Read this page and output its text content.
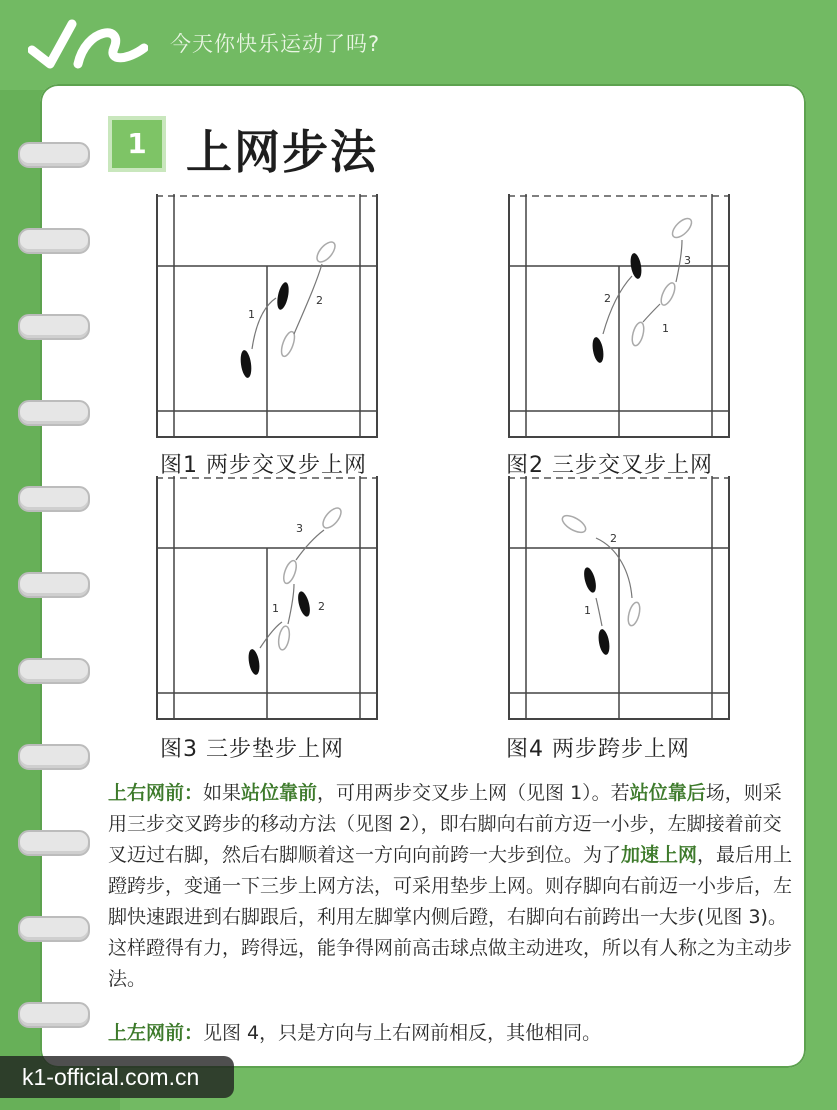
今天你快乐运动了吗?
1 上网步法
1
2
图1 两步交叉步上网
2
1
3
图2 三步交叉步上网
1	2
3
图3 三步垫步上网
1
2
图4 两步跨步上网

上右网前：如果站位靠前，可用两步交叉步上网（见图 1）。若站位靠后场，则采用三步交叉跨步的移动方法（见图 2），即右脚向右前方迈一小步，左脚接着前交叉迈过右脚，然后右脚顺着这一方向向前跨一大步到位。为了加速上网，最后用上蹬跨步，变通一下三步上网方法，可采用垫步上网。则存脚向右前迈一小步后，左脚快速跟进到右脚跟后，利用左脚掌内侧后蹬，右脚向右前跨出一大步(见图 3)。这样蹬得有力，跨得远，能争得网前高击球点做主动进攻，所以有人称之为主动步法。

上左网前：见图 4，只是方向与上右网前相反，其他相同。

k1-official.com.cn
